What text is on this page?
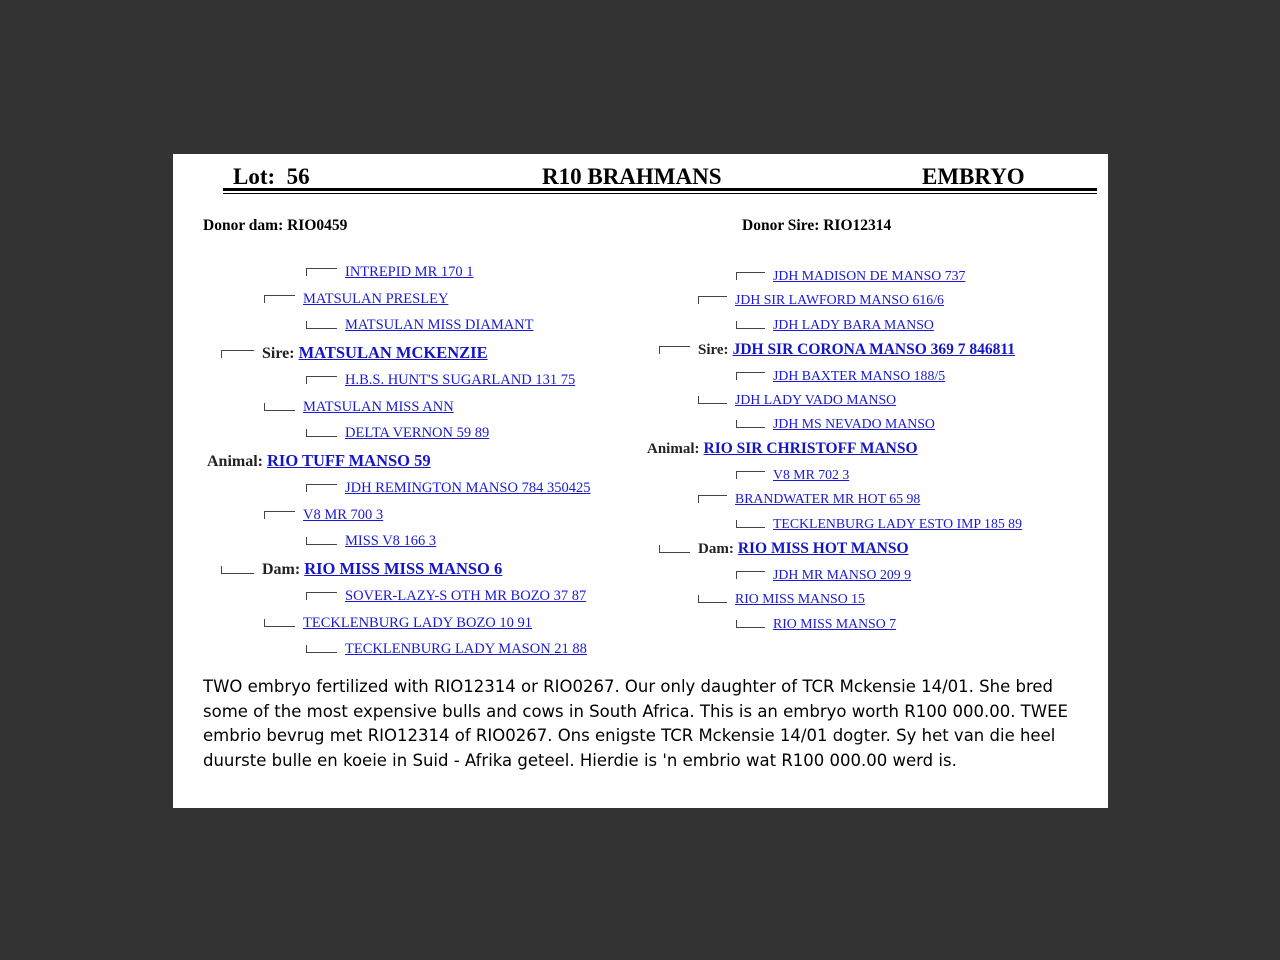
Lot: 56	R10 BRAHMANS	EMBRYO
Donor dam: RIO0459	Donor Sire: RIO12314
INTREPID MR 170 1
MATSULAN PRESLEY
MATSULAN MISS DIAMANT
Sire: MATSULAN MCKENZIE
H.B.S. HUNT'S SUGARLAND 131 75
MATSULAN MISS ANN
DELTA VERNON 59 89
Animal: RIO TUFF MANSO 59
JDH REMINGTON MANSO 784 350425
V8 MR 700 3
MISS V8 166 3
Dam: RIO MISS MISS MANSO 6
SOVER-LAZY-S OTH MR BOZO 37 87
TECKLENBURG LADY BOZO 10 91
TECKLENBURG LADY MASON 21 88
JDH MADISON DE MANSO 737
JDH SIR LAWFORD MANSO 616/6
JDH LADY BARA MANSO
Sire: JDH SIR CORONA MANSO 369 7 846811
JDH BAXTER MANSO 188/5
JDH LADY VADO MANSO
JDH MS NEVADO MANSO
Animal: RIO SIR CHRISTOFF MANSO
V8 MR 702 3
BRANDWATER MR HOT 65 98
TECKLENBURG LADY ESTO IMP 185 89
Dam: RIO MISS HOT MANSO
JDH MR MANSO 209 9
RIO MISS MANSO 15
RIO MISS MANSO 7
TWO embryo fertilized with RIO12314 or RIO0267. Our only daughter of TCR Mckensie 14/01. She bred some of the most expensive bulls and cows in South Africa. This is an embryo worth R100 000.00. TWEE embrio bevrug met RIO12314 of RIO0267. Ons enigste TCR Mckensie 14/01 dogter. Sy het van die heel duurste bulle en koeie in Suid - Afrika geteel. Hierdie is 'n embrio wat R100 000.00 werd is.
